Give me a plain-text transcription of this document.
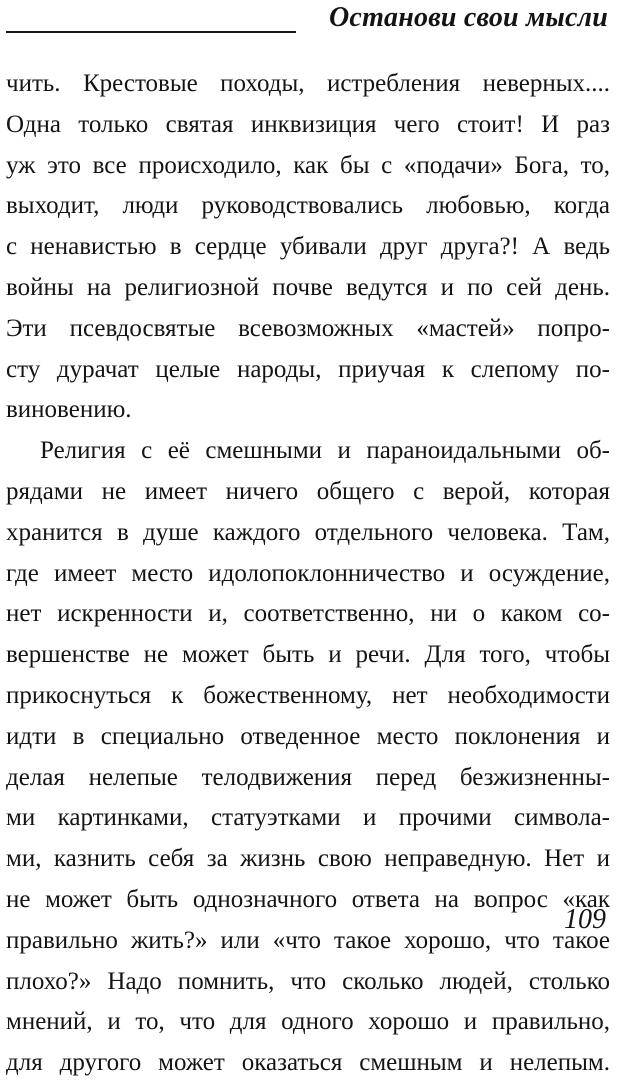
Останови свои мысли
чить. Крестовые походы, истребления неверных....
Одна только святая инквизиция чего стоит! И раз
уж это все происходило, как бы с «подачи» Бога, то,
выходит, люди руководствовались любовью, когда
с ненавистью в сердце убивали друг друга?! А ведь
войны на религиозной почве ведутся и по сей день.
Эти псевдосвятые всевозможных «мастей» попро-
сту дурачат целые народы, приучая к слепому по-
виновению.
Религия с её смешными и параноидальными об-
рядами не имеет ничего общего с верой, которая
хранится в душе каждого отдельного человека. Там,
где имеет место идолопоклонничество и осуждение,
нет искренности и, соответственно, ни о каком со-
вершенстве не может быть и речи. Для того, чтобы
прикоснуться к божественному, нет необходимости
идти в специально отведенное место поклонения и
делая нелепые телодвижения перед безжизненны-
ми картинками, статуэтками и прочими символа-
ми, казнить себя за жизнь свою неправедную. Нет и
не может быть однозначного ответа на вопрос «как
правильно жить?» или «что такое хорошо, что такое
плохо?» Надо помнить, что сколько людей, столько
мнений, и то, что для одного хорошо и правильно,
для другого может оказаться смешным и нелепым.
109
